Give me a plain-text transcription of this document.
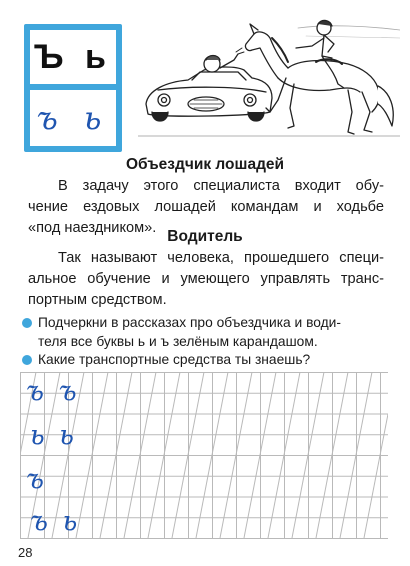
Ъ ь
ъ ь
Объездчик лошадей
В задачу этого специалиста входит обу-
чение ездовых лошадей командам и ходьбе
«под наездником». Водитель
Так называют человека, прошедшего специ-
альное обучение и умеющего управлять транс-
портным средством.
Подчеркни в рассказах про объездчика и води-
теля все буквы ь и ъ зелёным карандашом.
Какие транспортные средства ты знаешь?
ъ ъ
ь ь
ъ
ъ ь
28
